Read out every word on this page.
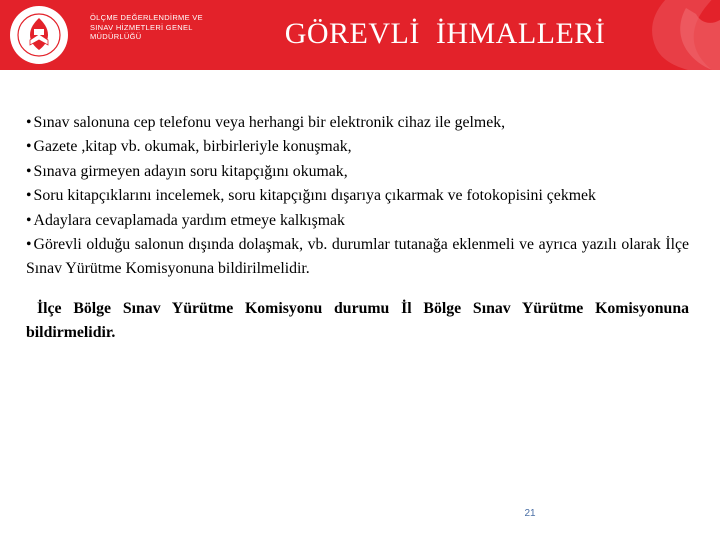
ÖLÇME DEĞERLENDİRME VE
SINAV HİZMETLERİ GENEL
MÜDÜRLÜĞÜ	GÖREVLİ  İHMALLERİ

• Sınav salonuna cep telefonu veya herhangi bir elektronik cihaz ile gelmek,

• Gazete ,kitap vb. okumak, birbirleriyle konuşmak,

• Sınava girmeyen adayın soru kitapçığını okumak,

• Soru kitapçıklarını incelemek, soru kitapçığını dışarıya çıkarmak ve fotokopisini çekmek

• Adaylara cevaplamada yardım etmeye kalkışmak

• Görevli olduğu salonun dışında dolaşmak, vb. durumlar tutanağa eklenmeli ve ayrıca yazılı olarak İlçe Sınav Yürütme Komisyonuna bildirilmelidir.

İlçe Bölge Sınav Yürütme Komisyonu durumu İl Bölge Sınav Yürütme Komisyonuna bildirmelidir.

21
